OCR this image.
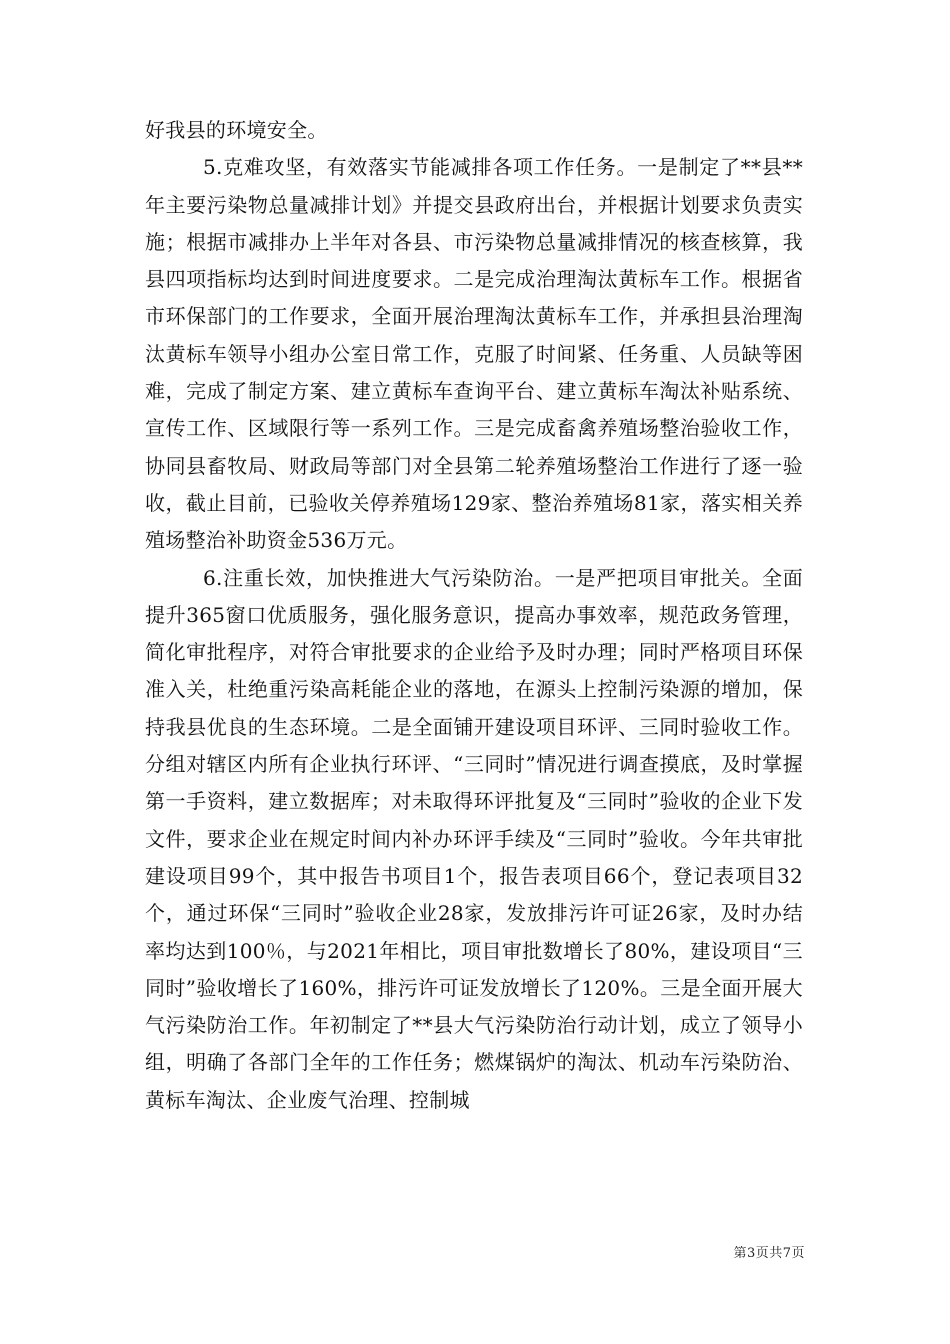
好我县的环境安全。

5.克难攻坚，有效落实节能减排各项工作任务。一是制定了**县**年主要污染物总量减排计划》并提交县政府出台，并根据计划要求负责实施；根据市减排办上半年对各县、市污染物总量减排情况的核查核算，我县四项指标均达到时间进度要求。二是完成治理淘汰黄标车工作。根据省市环保部门的工作要求，全面开展治理淘汰黄标车工作，并承担县治理淘汰黄标车领导小组办公室日常工作，克服了时间紧、任务重、人员缺等困难，完成了制定方案、建立黄标车查询平台、建立黄标车淘汰补贴系统、宣传工作、区域限行等一系列工作。三是完成畜禽养殖场整治验收工作，协同县畜牧局、财政局等部门对全县第二轮养殖场整治工作进行了逐一验收，截止目前，已验收关停养殖场129家、整治养殖场81家，落实相关养殖场整治补助资金536万元。

6.注重长效，加快推进大气污染防治。一是严把项目审批关。全面提升365窗口优质服务，强化服务意识，提高办事效率，规范政务管理，简化审批程序，对符合审批要求的企业给予及时办理；同时严格项目环保准入关，杜绝重污染高耗能企业的落地，在源头上控制污染源的增加，保持我县优良的生态环境。二是全面铺开建设项目环评、三同时验收工作。分组对辖区内所有企业执行环评、“三同时”情况进行调查摸底，及时掌握第一手资料，建立数据库；对未取得环评批复及“三同时”验收的企业下发文件，要求企业在规定时间内补办环评手续及“三同时”验收。今年共审批建设项目99个，其中报告书项目1个，报告表项目66个，登记表项目32个，通过环保“三同时”验收企业28家，发放排污许可证26家，及时办结率均达到100％，与2021年相比，项目审批数增长了80%，建设项目“三同时”验收增长了160%，排污许可证发放增长了120%。三是全面开展大气污染防治工作。年初制定了**县大气污染防治行动计划，成立了领导小组，明确了各部门全年的工作任务；燃煤锅炉的淘汰、机动车污染防治、黄标车淘汰、企业废气治理、控制城

第3页共7页
